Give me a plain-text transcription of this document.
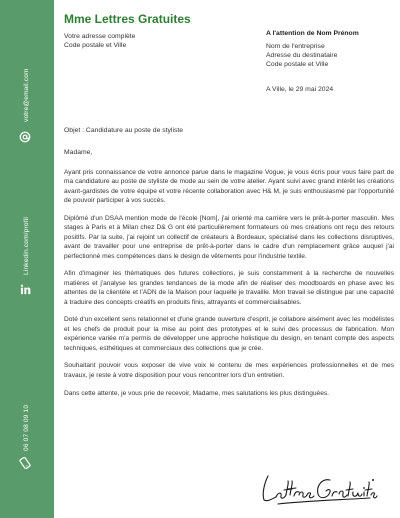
votre@email.com
Linkedin.com/profil
06 07 08 09 10
Mme Lettres Gratuites
Votre adresse complète
Code postale et Ville
A l'attention de Nom Prénom
Nom de l'entreprise
Adresse du destinataire
Code postale et Ville
A Ville, le 29 mai 2024
Objet : Candidature au poste de styliste
Madame,

Ayant pris connaissance de votre annonce parue dans le magazine Vogue, je vous écris pour vous faire part de ma candidature au poste de styliste de mode au sein de votre atelier. Ayant suivi avec grand intérêt les créations avant-gardistes de votre équipe et votre récente collaboration avec H& M, je suis enthousiasmé par l'opportunité de pouvoir participer à vos succès.

Diplômé d'un DSAA mention mode de l'école [Nom], j'ai orienté ma carrière vers le prêt-à-porter masculin. Mes stages à Paris et à Milan chez D& G ont été particulièrement formateurs où mes créations ont reçu des retours positifs. Par la suite, j'ai rejoint un collectif de créateurs à Bordeaux, spécialisé dans les collections disruptives, avant de travailler pour une entreprise de prêt-à-porter dans le cadre d'un remplacement grâce auquel j'ai perfectionné mes compétences dans le design de vêtements pour l'industrie textile.

Afin d'imaginer les thématiques des futures collections, je suis constamment à la recherche de nouvelles matières et j'analyse les grandes tendances de la mode afin de réaliser des moodboards en phase avec les attentes de la clientèle et l'ADN de la Maison pour laquelle je travaille. Mon travail se distingue par une capacité à traduire des concepts créatifs en produits finis, attrayants et commercialisables.

Doté d'un excellent sens relationnel et d'une grande ouverture d'esprit, je collabore aisément avec les modélistes et les chefs de produit pour la mise au point des prototypes et le suivi des processus de fabrication. Mon expérience variée m'a permis de développer une approche holistique du design, en tenant compte des aspects techniques, esthétiques et commerciaux des collections que je crée.

Souhaitant pouvoir vous exposer de vive voix le contenu de mes expériences professionnelles et de mes travaux, je reste à votre disposition pour vous rencontrer lors d'un entretien.

Dans cette attente, je vous prie de recevoir, Madame, mes salutations les plus distinguées.
